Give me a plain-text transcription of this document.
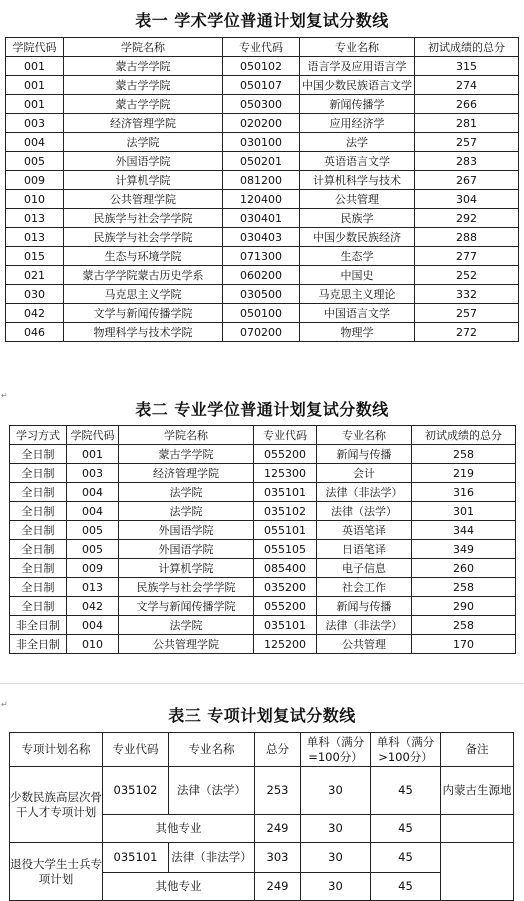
表一 学术学位普通计划复试分数线
学院代码	学院名称	专业代码	专业名称	初试成绩的总分
001	蒙古学学院	050102	语言学及应用语言学	315
001	蒙古学学院	050107	中国少数民族语言文学	274
001	蒙古学学院	050300	新闻传播学	266
003	经济管理学院	020200	应用经济学	281
004	法学院	030100	法学	257
005	外国语学院	050201	英语语言文学	283
009	计算机学院	081200	计算机科学与技术	267
010	公共管理学院	120400	公共管理	304
013	民族学与社会学学院	030401	民族学	292
013	民族学与社会学学院	030403	中国少数民族经济	288
015	生态与环境学院	071300	生态学	277
021	蒙古学学院蒙古历史学系	060200	中国史	252
030	马克思主义学院	030500	马克思主义理论	332
042	文学与新闻传播学院	050100	中国语言文学	257
046	物理科学与技术学院	070200	物理学	272
↵
表二 专业学位普通计划复试分数线
学习方式	学院代码	学院名称	专业代码	专业名称	初试成绩的总分
全日制	001	蒙古学学院	055200	新闻与传播	258
全日制	003	经济管理学院	125300	会计	219
全日制	004	法学院	035101	法律（非法学）	316
全日制	004	法学院	035102	法律（法学）	301
全日制	005	外国语学院	055101	英语笔译	344
全日制	005	外国语学院	055105	日语笔译	349
全日制	009	计算机学院	085400	电子信息	260
全日制	013	民族学与社会学学院	035200	社会工作	258
全日制	042	文学与新闻传播学院	055200	新闻与传播	290
非全日制	004	法学院	035101	法律（非法学）	258
非全日制	010	公共管理学院	125200	公共管理	170
↵
表三 专项计划复试分数线
专项计划名称	专业代码	专业名称	总分	单科（满分=100分）	单科（满分>100分）	备注
少数民族高层次骨干人才专项计划	035102	法律（法学）	253	30	45	内蒙古生源地
	其他专业		249	30	45	
退役大学生士兵专项计划	035101	法律（非法学）	303	30	45	
	其他专业		249	30	45	
